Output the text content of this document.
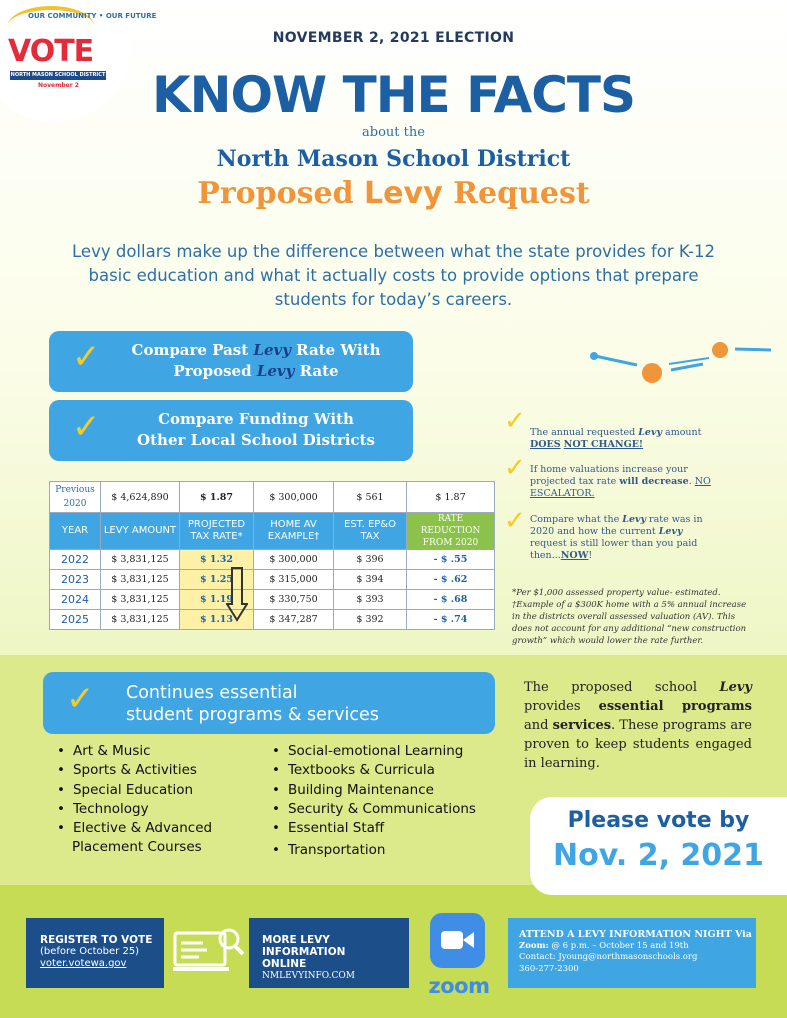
OUR COMMUNITY • OUR FUTURE
VOTE
NORTH MASON SCHOOL DISTRICT
November 2
NOVEMBER 2, 2021 ELECTION
KNOW THE FACTS
about the
North Mason School District
Proposed Levy Request
Levy dollars make up the difference between what the state provides for K-12 basic education and what it actually costs to provide options that prepare students for today’s careers.
Compare Past Levy Rate With
Proposed Levy Rate
✓
Compare Funding With
Other Local School Districts
✓	✓ The annual requested Levy amount
DOES NOT CHANGE!
✓ If home valuations increase your projected tax rate will decrease. NO ESCALATOR.
✓ Compare what the Levy rate was in 2020 and how the current Levy request is still lower than you paid then...NOW!
Previous
2020	$ 4,624,890	$ 1.87	$ 300,000	$ 561	$ 1.87
YEAR	LEVY AMOUNT	PROJECTED TAX RATE*	HOME AV EXAMPLE†	EST. EP&O TAX	RATE REDUCTION FROM 2020
2022	$ 3,831,125	$ 1.32	$ 300,000	$ 396	- $ .55
2023	$ 3,831,125	$ 1.25	$ 315,000	$ 394	- $ .62
2024	$ 3,831,125	$ 1.19	$ 330,750	$ 393	- $ .68
2025	$ 3,831,125	$ 1.13	$ 347,287	$ 392	- $ .74
*Per $1,000 assessed property value- estimated.
†Example of a $300K home with a 5% annual increase
in the districts overall assessed valuation (AV). This
does not account for any additional “new construction
growth” which would lower the rate further.
Continues essential
student programs & services
✓
• Art & Music
• Sports & Activities
• Special Education
• Technology
• Elective & Advanced
Placement Courses
• Social-emotional Learning
• Textbooks & Curricula
• Building Maintenance
• Security & Communications
• Essential Staff
• Transportation
The proposed school Levy provides essential programs and services. These programs are proven to keep students engaged in learning.
Please vote by
Nov. 2, 2021
REGISTER TO VOTE
(before October 25)
voter.votewa.gov
MORE LEVY INFORMATION ONLINE
NMLEVYINFO.COM	zoom
ATTEND A LEVY INFORMATION NIGHT Via
Zoom: @ 6 p.m. – October 15 and 19th
Contact: Jyoung@northmasonschools.org
360-277-2300
